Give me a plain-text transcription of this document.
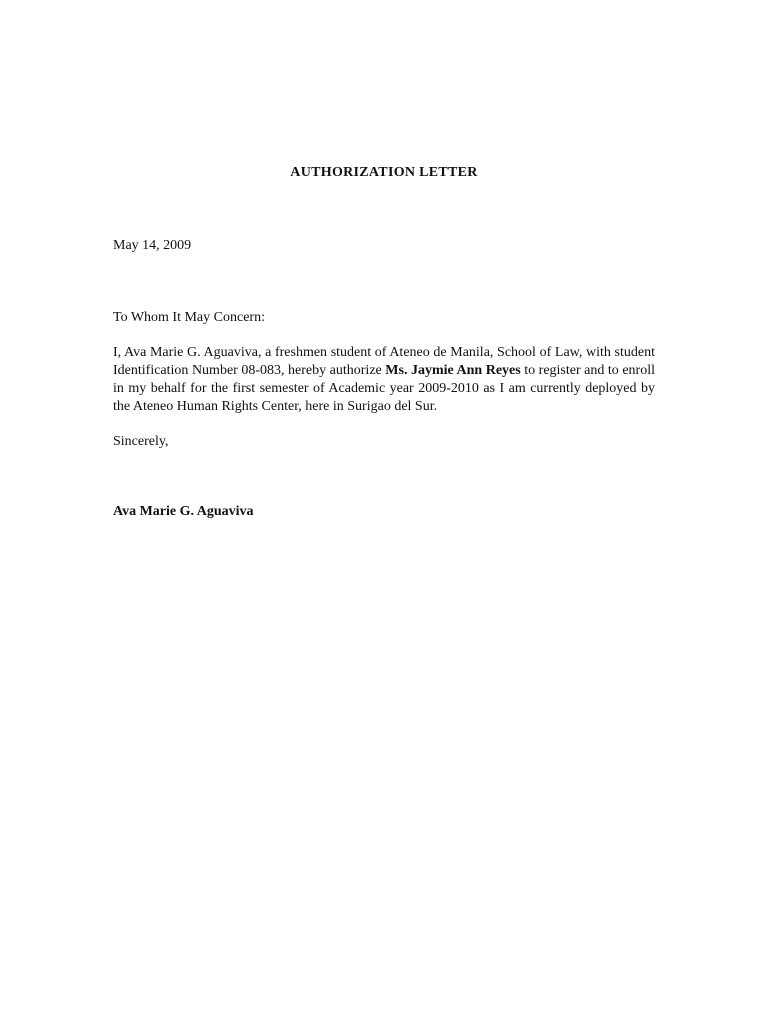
AUTHORIZATION LETTER
May 14, 2009
To Whom It May Concern:

I, Ava Marie G. Aguaviva, a freshmen student of Ateneo de Manila, School of Law, with student Identification Number 08-083, hereby authorize Ms. Jaymie Ann Reyes to register and to enroll in my behalf for the first semester of Academic year 2009-2010 as I am currently deployed by the Ateneo Human Rights Center, here in Surigao del Sur.

Sincerely,
Ava Marie G. Aguaviva
